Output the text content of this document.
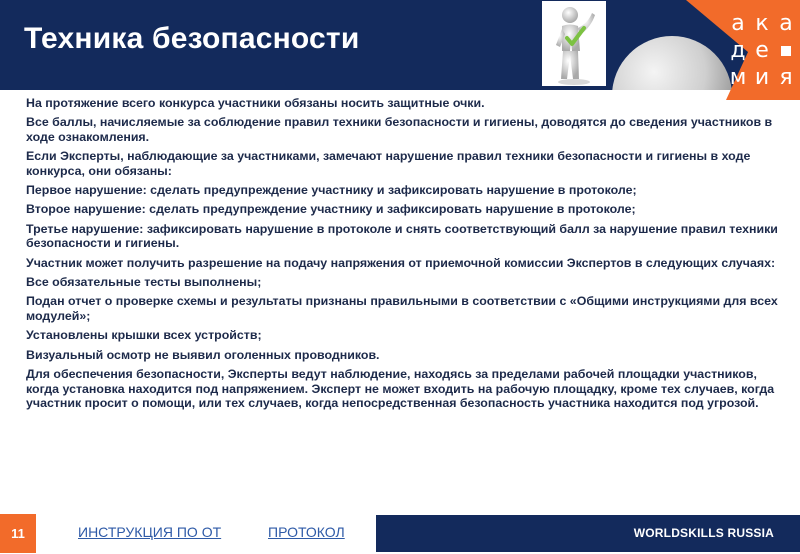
Техника безопасности	а к а
д е
м и я

На протяжение всего конкурса участники обязаны носить защитные очки.

Все баллы, начисляемые за соблюдение правил техники безопасности и гигиены, доводятся до сведения участников в ходе ознакомления.

Если Эксперты, наблюдающие за участниками, замечают нарушение правил техники безопасности и гигиены в ходе конкурса, они обязаны:

Первое нарушение: сделать предупреждение участнику и зафиксировать нарушение в протоколе;

Второе нарушение: сделать предупреждение участнику и зафиксировать нарушение в протоколе;

Третье нарушение: зафиксировать нарушение в протоколе и снять соответствующий балл за нарушение правил техники безопасности и гигиены.

Участник может получить разрешение на подачу напряжения от приемочной комиссии Экспертов в следующих случаях:

Все обязательные тесты выполнены;

Подан отчет о проверке схемы и результаты признаны правильными в соответствии с «Общими инструкциями для всех модулей»;

Установлены крышки всех устройств;

Визуальный осмотр не выявил оголенных проводников.

Для обеспечения безопасности, Эксперты ведут наблюдение, находясь за пределами рабочей площадки участников, когда установка находится под напряжением. Эксперт не может входить на рабочую площадку, кроме тех случаев, когда участник просит о помощи, или тех случаев, когда непосредственная безопасность участника находится под угрозой.

11	ИНСТРУКЦИЯ ПО ОТ	ПРОТОКОЛ	WORLDSKILLS RUSSIA
